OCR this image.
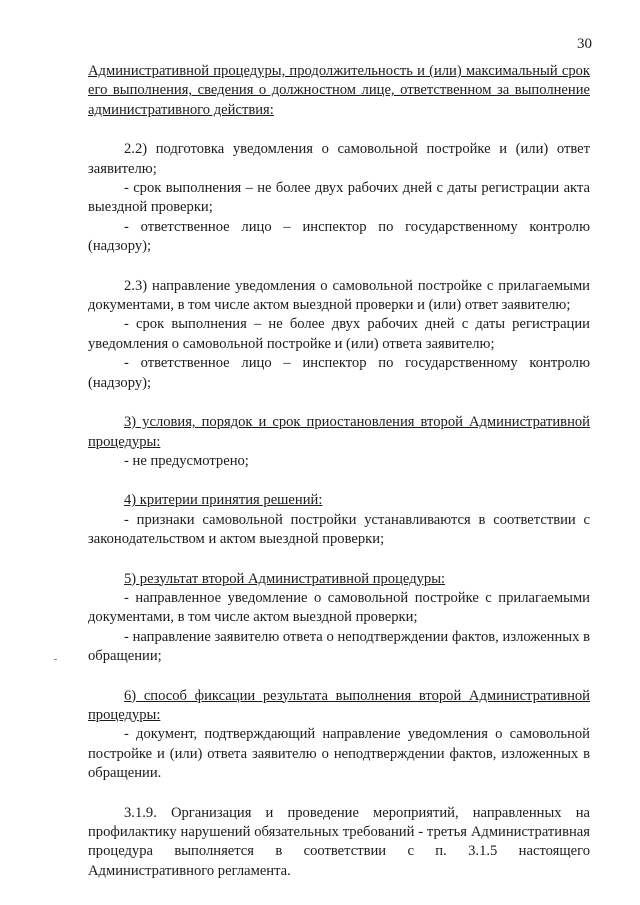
30

Административной процедуры, продолжительность и (или) максимальный срок его выполнения, сведения о должностном лице, ответственном за выполнение административного действия:

2.2) подготовка уведомления о самовольной постройке и (или) ответ заявителю;

- срок выполнения – не более двух рабочих дней с даты регистрации акта выездной проверки;

- ответственное лицо – инспектор по государственному контролю (надзору);

2.3) направление уведомления о самовольной постройке с прилагаемыми документами, в том числе актом выездной проверки и (или) ответ заявителю;

- срок выполнения – не более двух рабочих дней с даты регистрации уведомления о самовольной постройке и (или) ответа заявителю;

- ответственное лицо – инспектор по государственному контролю (надзору);

3) условия, порядок и срок приостановления второй Административной процедуры:

- не предусмотрено;

4) критерии принятия решений:

- признаки самовольной постройки устанавливаются в соответствии с законодательством и актом выездной проверки;

5) результат второй Административной процедуры:

- направленное уведомление о самовольной постройке с прилагаемыми документами, в том числе актом выездной проверки;

- направление заявителю ответа о неподтверждении фактов, изложенных в обращении;

6) способ фиксации результата выполнения второй Административной процедуры:

- документ, подтверждающий направление уведомления о самовольной постройке и (или) ответа заявителю о неподтверждении фактов, изложенных в обращении.

3.1.9. Организация и проведение мероприятий, направленных на профилактику нарушений обязательных требований - третья Административная процедура выполняется в соответствии с п. 3.1.5 настоящего Административного регламента.
